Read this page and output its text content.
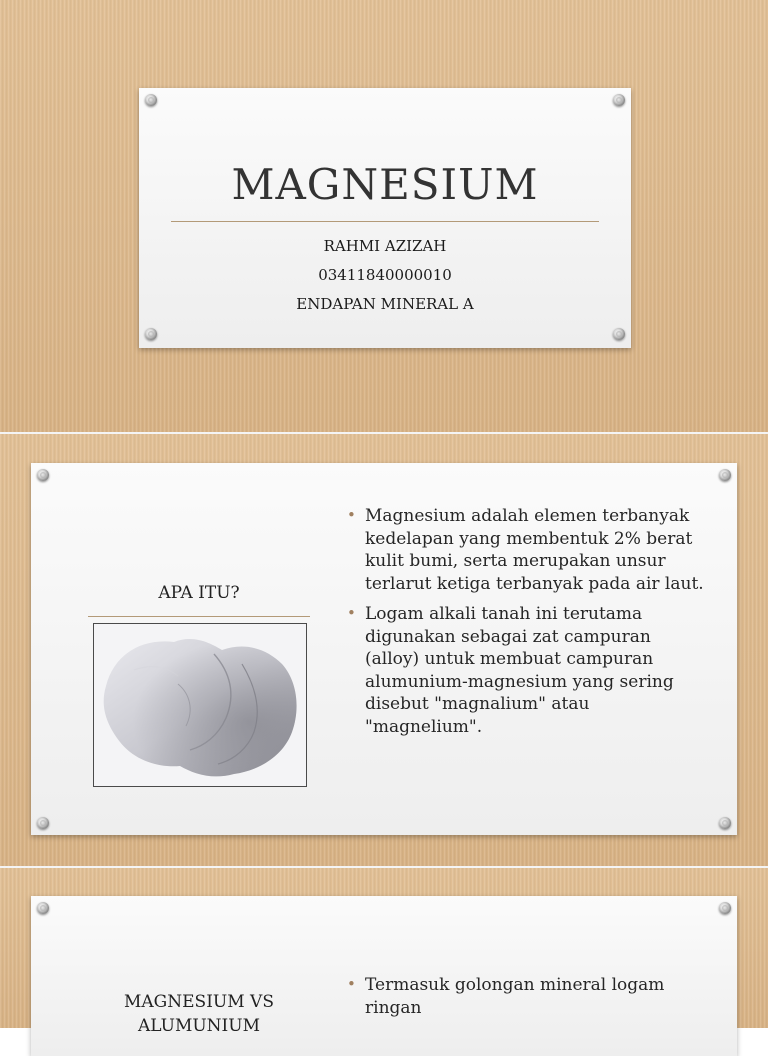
MAGNESIUM
RAHMI AZIZAH
03411840000010
ENDAPAN MINERAL A
APA ITU?
• Magnesium adalah elemen terbanyak kedelapan yang membentuk 2% berat kulit bumi, serta merupakan unsur terlarut ketiga terbanyak pada air laut.
• Logam alkali tanah ini terutama digunakan sebagai zat campuran (alloy) untuk membuat campuran alumunium-magnesium yang sering disebut "magnalium" atau "magnelium".
MAGNESIUM VS ALUMUNIUM
• Termasuk golongan mineral logam ringan
